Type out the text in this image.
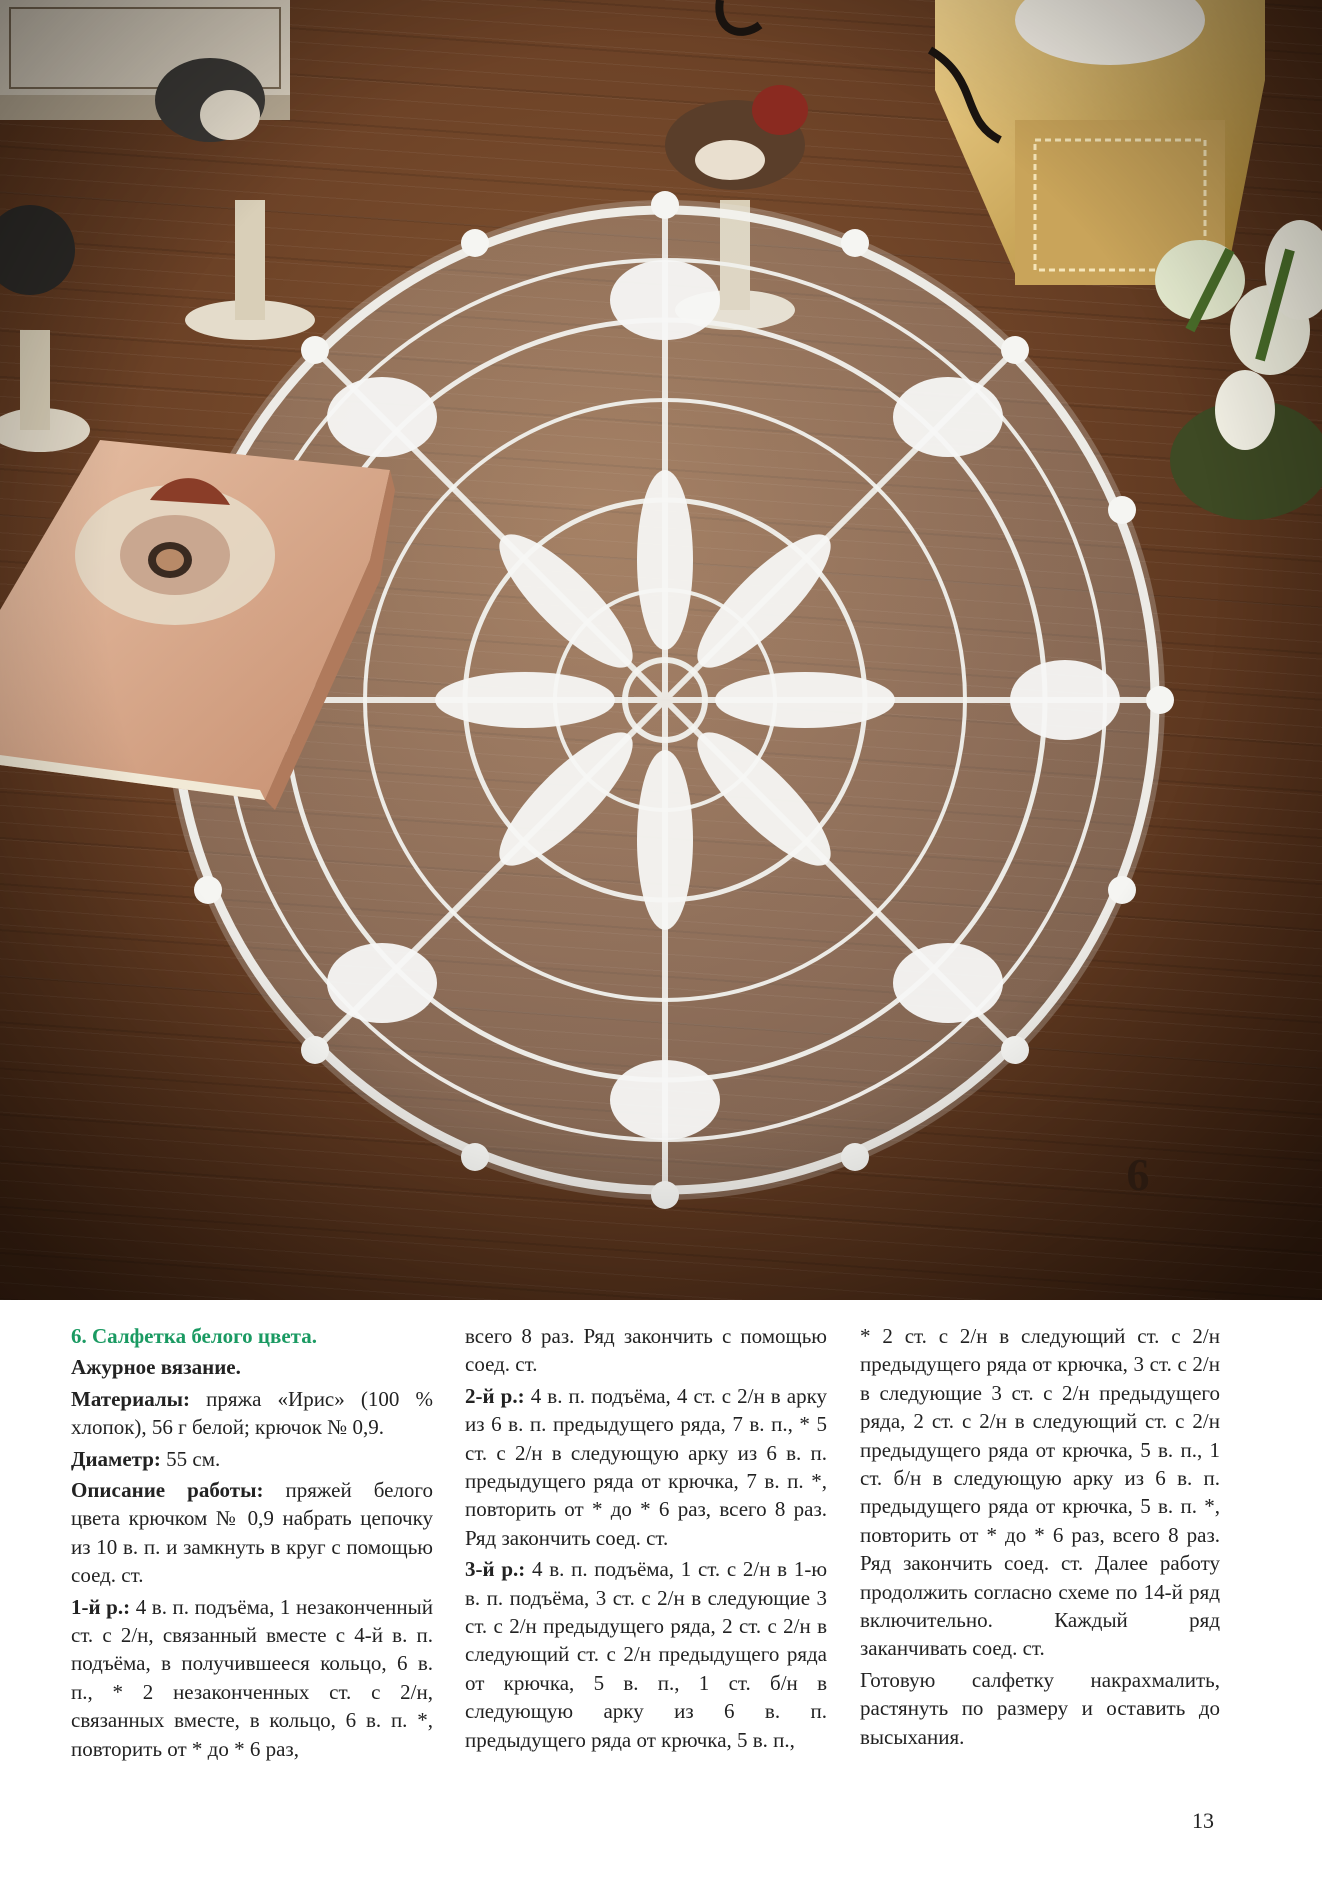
6

6. Салфетка белого цвета.

Ажурное вязание.

Материалы: пряжа «Ирис» (100 % хлопок), 56 г белой; крючок № 0,9.

Диаметр: 55 см.

Описание работы: пряжей белого цвета крючком № 0,9 набрать цепочку из 10 в. п. и замкнуть в круг с помощью соед. ст.

1-й р.: 4 в. п. подъёма, 1 незаконченный ст. с 2/н, связанный вместе с 4-й в. п. подъёма, в получившееся кольцо, 6 в. п., * 2 незаконченных ст. с 2/н, связанных вместе, в кольцо, 6 в. п. *, повторить от * до * 6 раз,

всего 8 раз. Ряд закончить с помощью соед. ст.

2-й р.: 4 в. п. подъёма, 4 ст. с 2/н в арку из 6 в. п. предыдущего ряда, 7 в. п., * 5 ст. с 2/н в следующую арку из 6 в. п. предыдущего ряда от крючка, 7 в. п. *, повторить от * до * 6 раз, всего 8 раз. Ряд закончить соед. ст.

3-й р.: 4 в. п. подъёма, 1 ст. с 2/н в 1-ю в. п. подъёма, 3 ст. с 2/н в следующие 3 ст. с 2/н предыдущего ряда, 2 ст. с 2/н в следующий ст. с 2/н предыдущего ряда от крючка, 5 в. п., 1 ст. б/н в следующую арку из 6 в. п. предыдущего ряда от крючка, 5 в. п.,

* 2 ст. с 2/н в следующий ст. с 2/н предыдущего ряда от крючка, 3 ст. с 2/н в следующие 3 ст. с 2/н предыдущего ряда, 2 ст. с 2/н в следующий ст. с 2/н предыдущего ряда от крючка, 5 в. п., 1 ст. б/н в следующую арку из 6 в. п. предыдущего ряда от крючка, 5 в. п. *, повторить от * до * 6 раз, всего 8 раз. Ряд закончить соед. ст. Далее работу продолжить согласно схеме по 14-й ряд включительно. Каждый ряд заканчивать соед. ст.

Готовую салфетку накрахмалить, растянуть по размеру и оставить до высыхания.

13
